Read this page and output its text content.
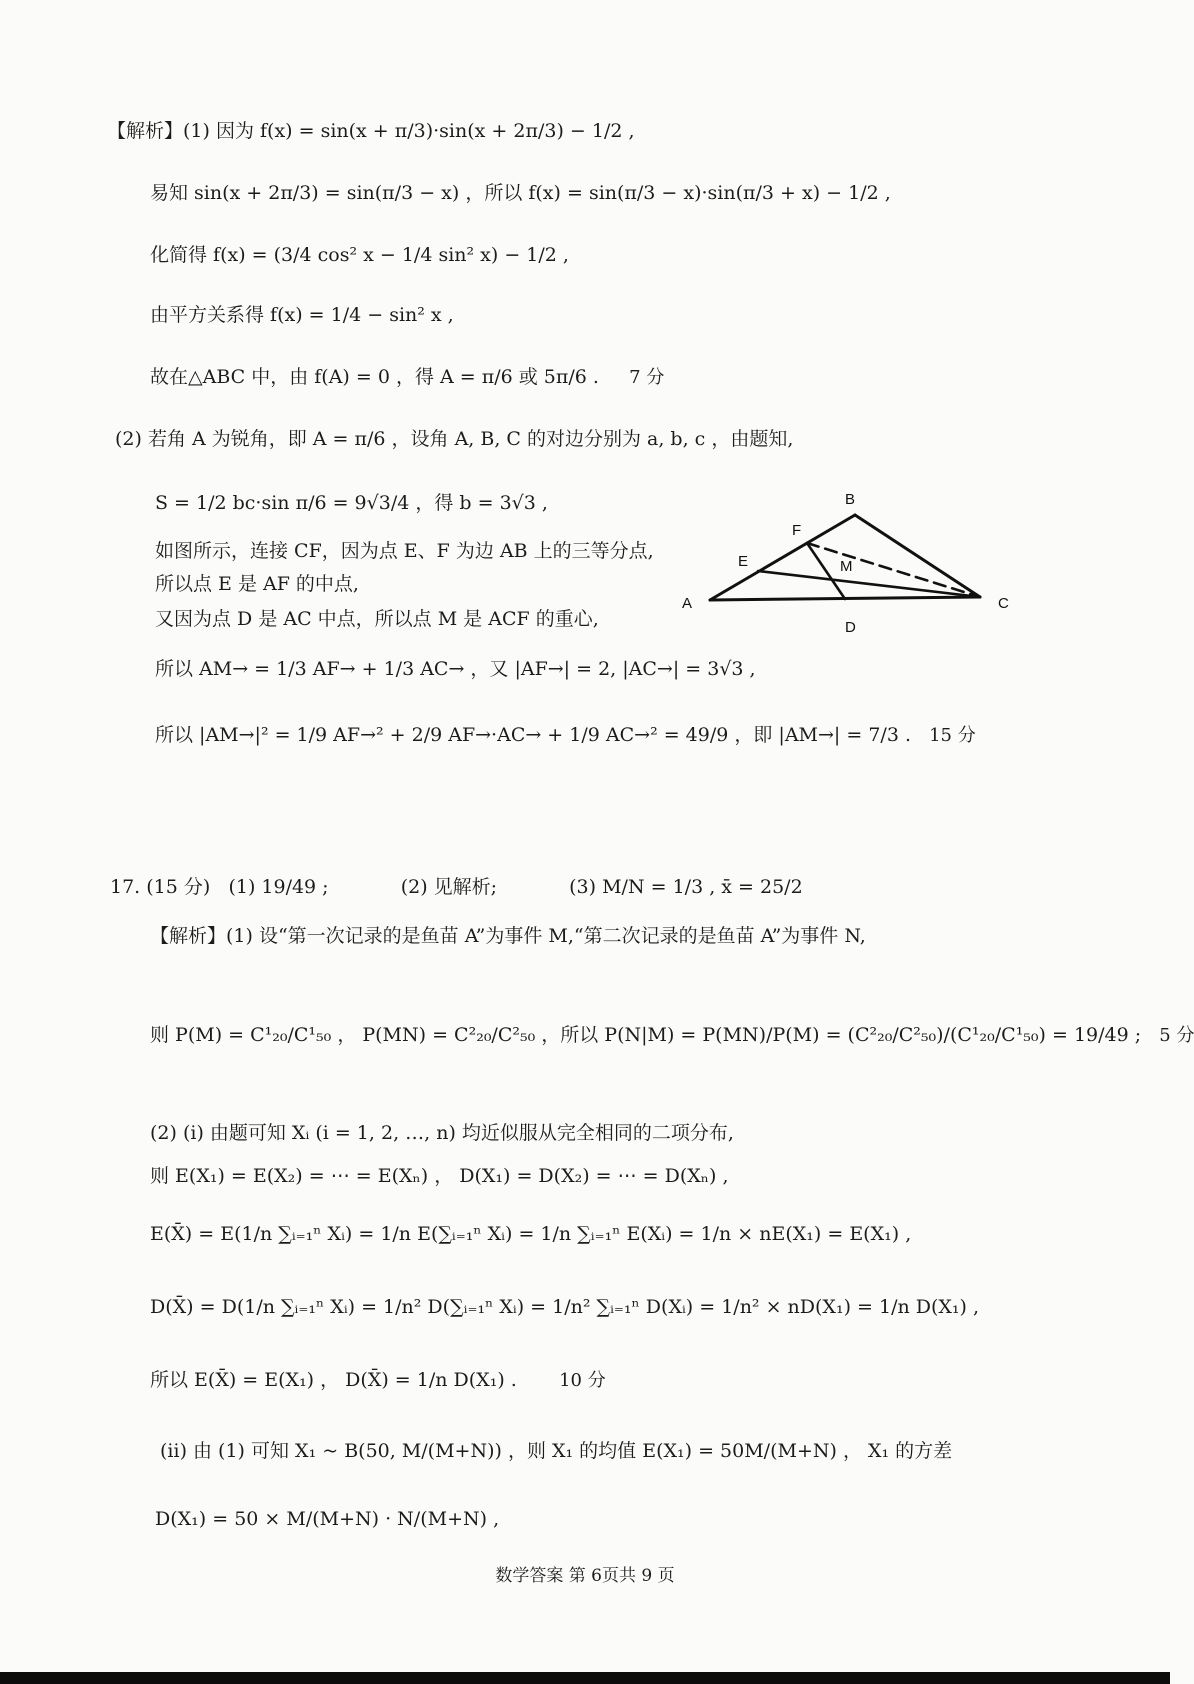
【解析】(1) 因为 f(x) = sin(x + π/3)·sin(x + 2π/3) − 1/2 ,
易知 sin(x + 2π/3) = sin(π/3 − x) ，所以 f(x) = sin(π/3 − x)·sin(π/3 + x) − 1/2 ,
化简得 f(x) = (3/4 cos² x − 1/4 sin² x) − 1/2 ,
由平方关系得 f(x) = 1/4 − sin² x ,
故在△ABC 中，由 f(A) = 0 ，得 A = π/6 或 5π/6 . 7 分
(2) 若角 A 为锐角，即 A = π/6 ，设角 A, B, C 的对边分别为 a, b, c ，由题知,
S = 1/2 bc·sin π/6 = 9√3/4 ，得 b = 3√3 ,
如图所示，连接 CF，因为点 E、F 为边 AB 上的三等分点,
所以点 E 是 AF 的中点,
又因为点 D 是 AC 中点，所以点 M 是 ACF 的重心,
所以 AM→ = 1/3 AF→ + 1/3 AC→ ，又 |AF→| = 2, |AC→| = 3√3 ,
所以 |AM→|² = 1/9 AF→² + 2/9 AF→·AC→ + 1/9 AC→² = 49/9 ，即 |AM→| = 7/3 . 15 分
A
B
C
D
E
F
M
17. (15 分) (1) 19/49 ;	(2) 见解析;	(3) M/N = 1/3 , x̄ = 25/2
【解析】(1) 设“第一次记录的是鱼苗 A”为事件 M,“第二次记录的是鱼苗 A”为事件 N,
则 P(M) = C¹₂₀/C¹₅₀ ， P(MN) = C²₂₀/C²₅₀ ，所以 P(N|M) = P(MN)/P(M) = (C²₂₀/C²₅₀)/(C¹₂₀/C¹₅₀) = 19/49 ; 5 分
(2) (i) 由题可知 Xᵢ (i = 1, 2, …, n) 均近似服从完全相同的二项分布,
则 E(X₁) = E(X₂) = ⋯ = E(Xₙ) ， D(X₁) = D(X₂) = ⋯ = D(Xₙ) ,
E(X̄) = E(1/n ∑ᵢ₌₁ⁿ Xᵢ) = 1/n E(∑ᵢ₌₁ⁿ Xᵢ) = 1/n ∑ᵢ₌₁ⁿ E(Xᵢ) = 1/n × nE(X₁) = E(X₁) ,
D(X̄) = D(1/n ∑ᵢ₌₁ⁿ Xᵢ) = 1/n² D(∑ᵢ₌₁ⁿ Xᵢ) = 1/n² ∑ᵢ₌₁ⁿ D(Xᵢ) = 1/n² × nD(X₁) = 1/n D(X₁) ,
所以 E(X̄) = E(X₁) ， D(X̄) = 1/n D(X₁) . 10 分
(ⅱ) 由 (1) 可知 X₁ ~ B(50, M/(M+N)) ，则 X₁ 的均值 E(X₁) = 50M/(M+N) ， X₁ 的方差
D(X₁) = 50 × M/(M+N) · N/(M+N) ,
数学答案 第 6页共 9 页
